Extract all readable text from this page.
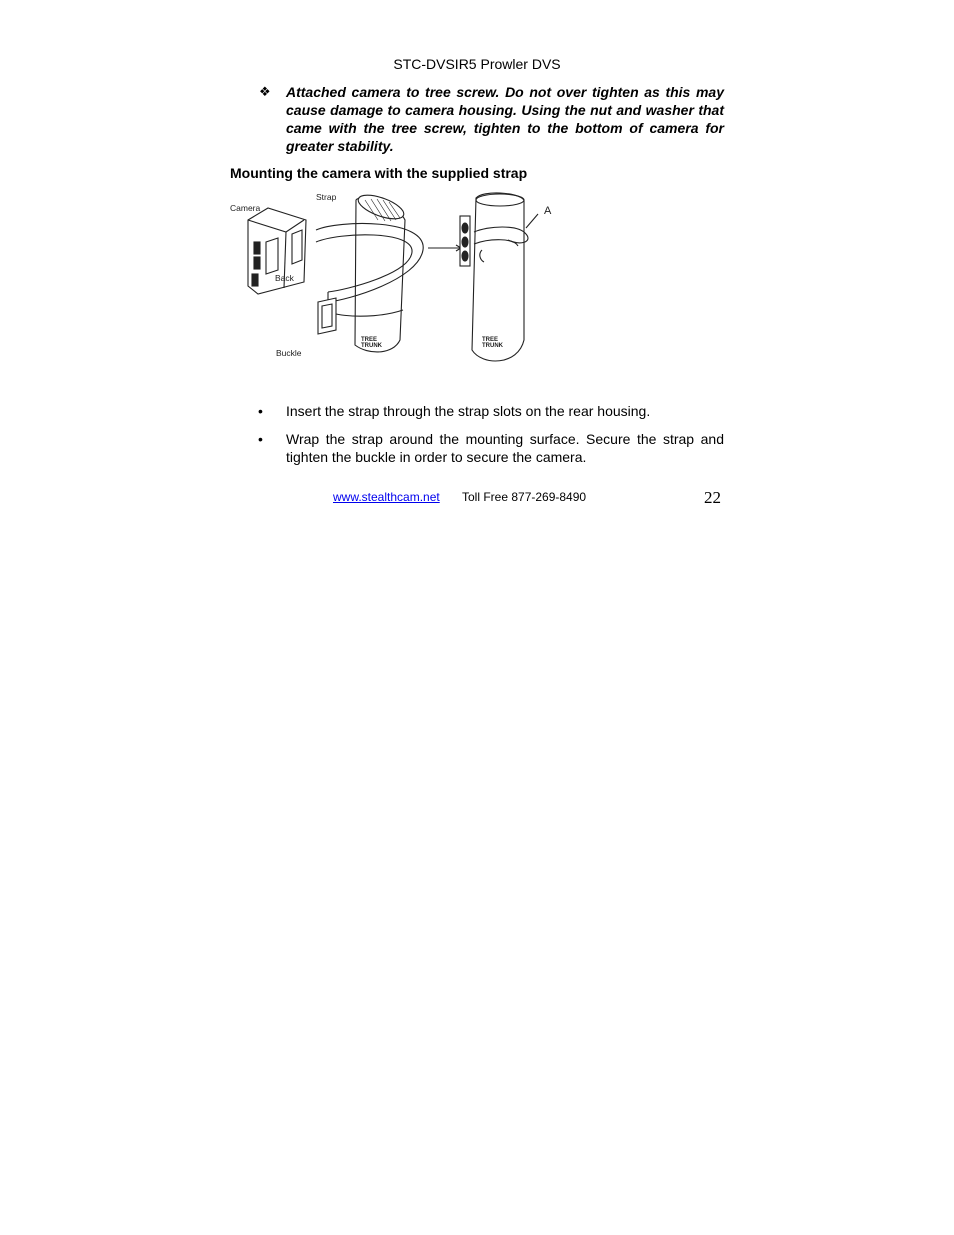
STC-DVSIR5 Prowler DVS
❖ Attached camera to tree screw. Do not over tighten as this may cause damage to camera housing. Using the nut and washer that came with the tree screw, tighten to the bottom of camera for greater stability.
Mounting the camera with the supplied strap
Camera
Strap
Back
Buckle
TREE
TRUNK
TREE
TRUNK
A
• Insert the strap through the strap slots on the rear housing.
• Wrap the strap around the mounting surface. Secure the strap and tighten the buckle in order to secure the camera.
www.stealthcam.net Toll Free 877-269-8490	22
